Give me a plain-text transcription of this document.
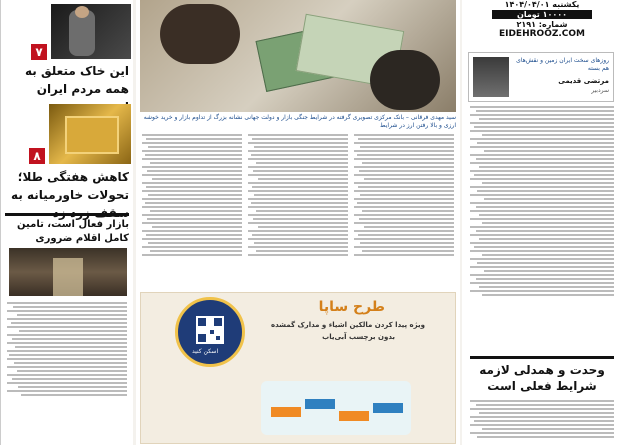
۷
این خاک متعلق به همه مردم ایران
۸
کاهش هفتگی طلا؛ تحولات خاورمیانه به
بازار فعال است، تامین کامل اقلام ضروری
سید مهدی فرقانی – بانک مرکزی تصویری گرفته در شرایط جنگی بازار و دولت جهانی نشانه بزرگ از تداوم بازار و خرید خوشه ارزی و بالا رفتن ارز در شرایط
طرح ساپا
ویژه پیدا کردن مالکین اشیاء و مدارک گمشده
بدون برچسب آبی‌یاب
اسکن کنید
یکشنبه ۱۴۰۴/۰۴/۰۱
۱۰۰۰۰ تومان
شماره: ۲۱۹۱
EIDEHROOZ.COM
روزهای سخت ایران زمین و نقش‌های هم بسته
مرتضی قدیمی
سردبیر
وحدت و همدلی لازمه شرایط فعلی است
